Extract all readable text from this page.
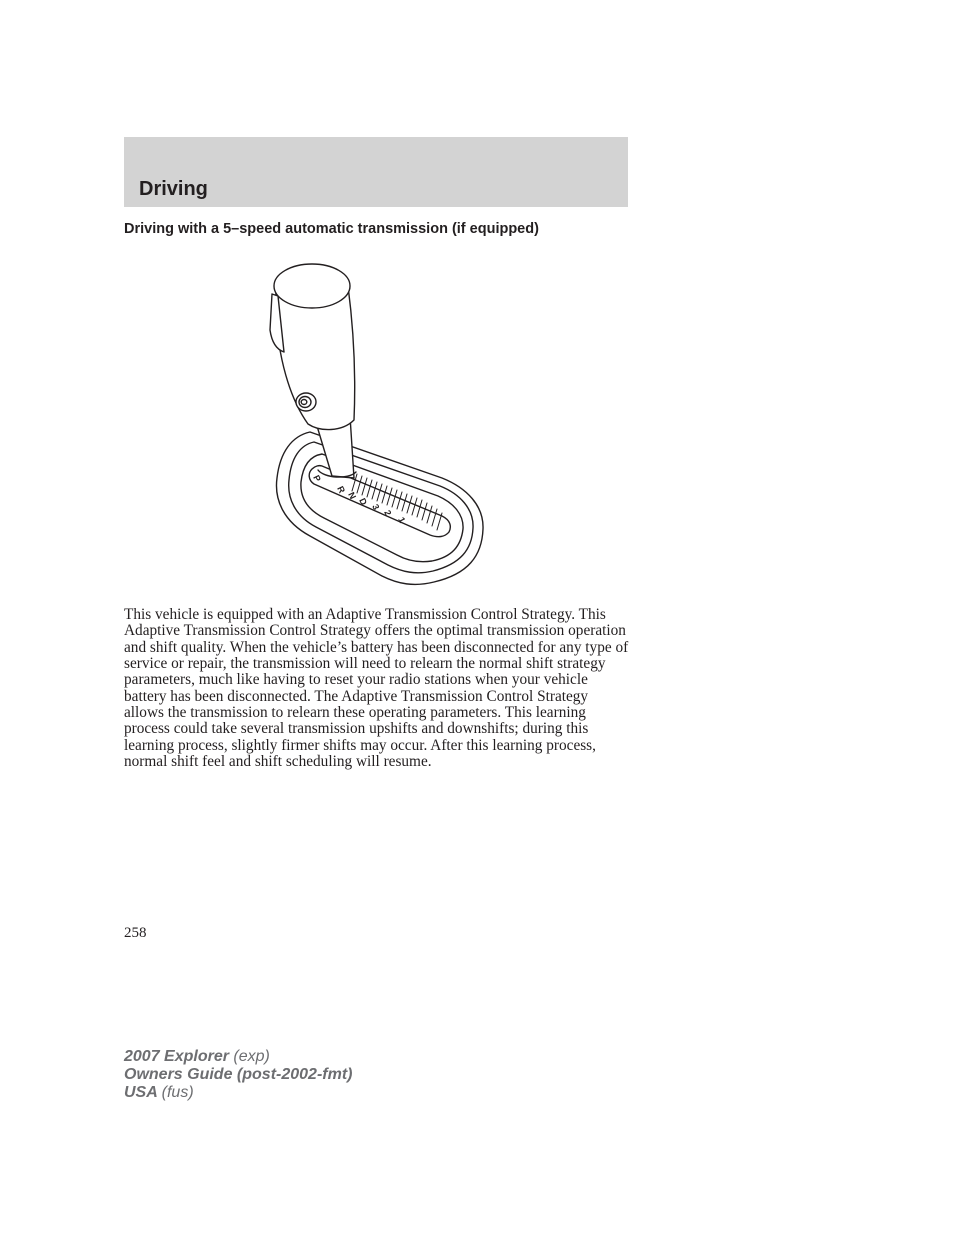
Driving
Driving with a 5–speed automatic transmission (if equipped)
P
R
N
D
3
2
1

This vehicle is equipped with an Adaptive Transmission Control Strategy. This Adaptive Transmission Control Strategy offers the optimal transmission operation and shift quality. When the vehicle’s battery has been disconnected for any type of service or repair, the transmission will need to relearn the normal shift strategy parameters, much like having to reset your radio stations when your vehicle battery has been disconnected. The Adaptive Transmission Control Strategy allows the transmission to relearn these operating parameters. This learning process could take several transmission upshifts and downshifts; during this learning process, slightly firmer shifts may occur. After this learning process, normal shift feel and shift scheduling will resume.

258
2007 Explorer (exp)
Owners Guide (post-2002-fmt)
USA (fus)
